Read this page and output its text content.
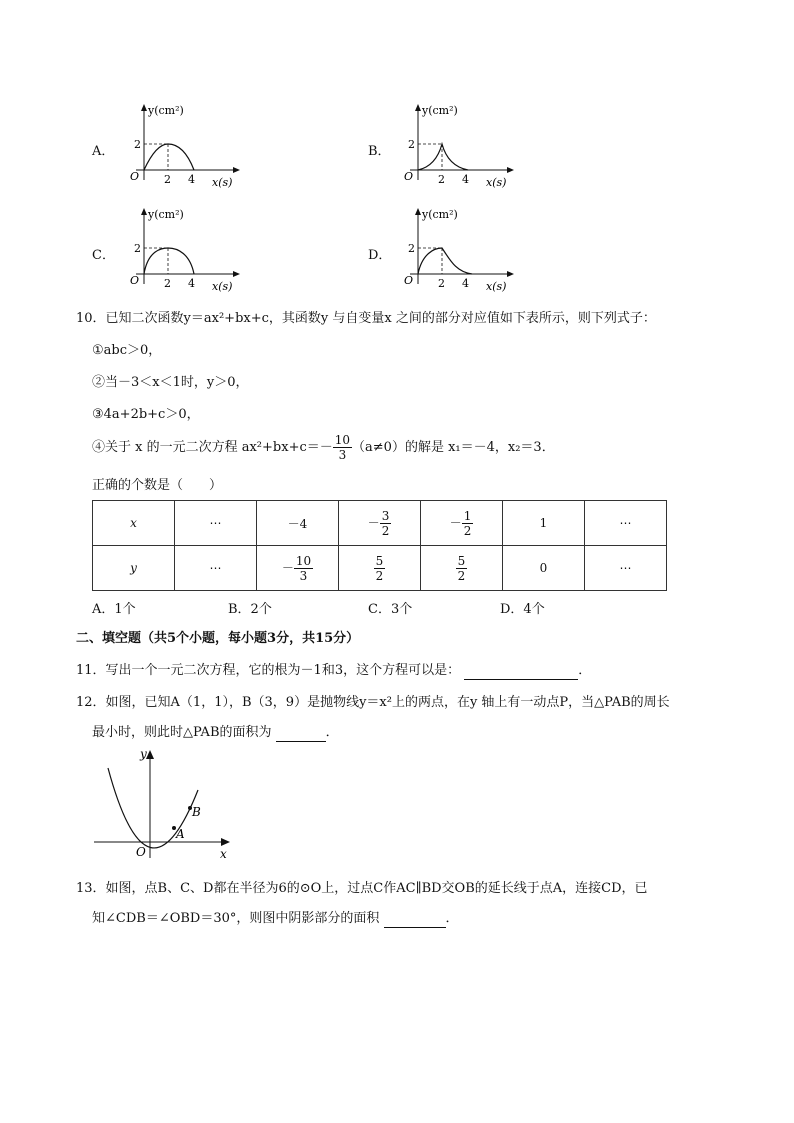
A．
y(cm²)
2
2 4
O	x(s)
B．
y(cm²)
2
2 4
O	x(s)
C．
y(cm²)
2
2 4
O	x(s)
D．
y(cm²)
2
2 4
O	x(s)
10．已知二次函数y＝ax²+bx+c，其函数y 与自变量x 之间的部分对应值如下表所示，则下列式子：
①abc＞0，
②当－3＜x＜1时，y＞0，
③4a+2b+c＞0，
④关于 x 的一元二次方程 $ax^2+bx+c=- \frac{10}{3} (a\ne 0)$的解是 x₁＝－4，x₂＝3．
正确的个数是（　　）
x	⋯	－4	－ $\frac{3}{2}$	－ $\frac{1}{2}$	1	⋯
y	⋯	－ $\frac{10}{3}$	$\frac{5}{2}$	$\frac{5}{2}$	0	⋯
A．1个	B．2个	C．3个	D．4个
二、填空题（共5个小题，每小题3分，共15分）
11．写出一个一元二次方程，它的根为－1和3，这个方程可以是：	．
12．如图，已知A（1，1），B（3，9）是抛物线y＝x²上的两点，在y 轴上有一动点P，当△PAB的周长
最小时，则此时△PAB的面积为	．
y
x
O
A
B
13．如图，点B、C、D都在半径为6的⊙O上，过点C作AC∥BD交OB的延长线于点A，连接CD，已
知∠CDB＝∠OBD＝30°，则图中阴影部分的面积	．
